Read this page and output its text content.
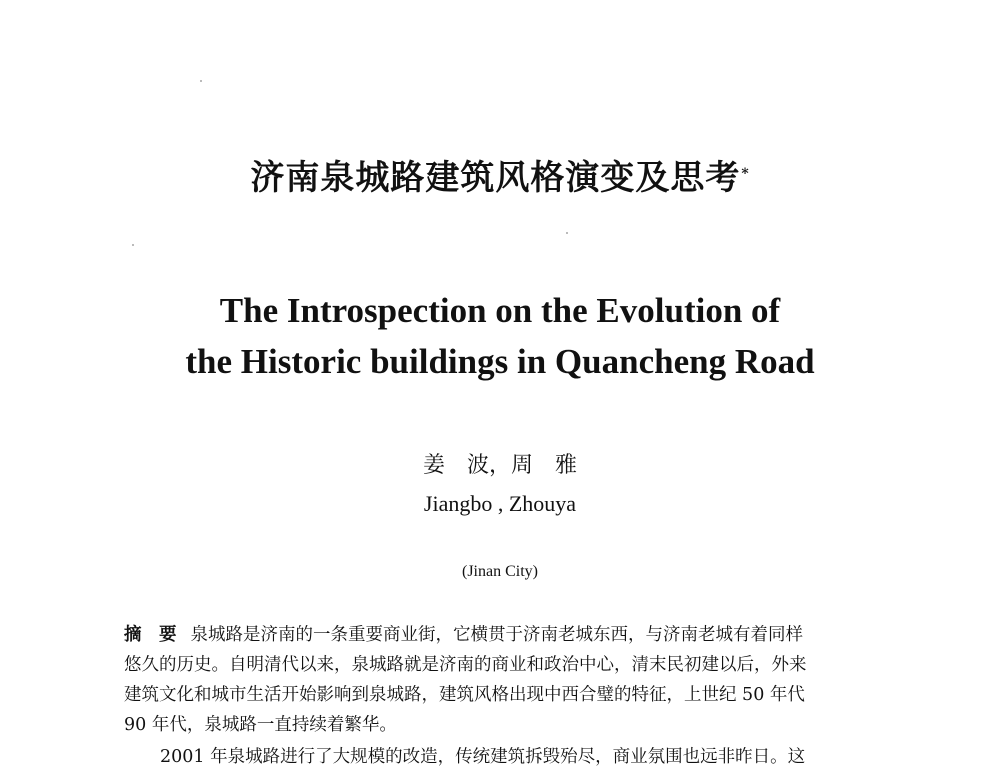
济南泉城路建筑风格演变及思考*
The Introspection on the Evolution of
the Historic buildings in Quancheng Road
姜　波，周　雅
Jiangbo , Zhouya
(Jinan City)
摘　要 泉城路是济南的一条重要商业街，它横贯于济南老城东西，与济南老城有着同样
悠久的历史。自明清代以来，泉城路就是济南的商业和政治中心，清末民初建以后，外来
建筑文化和城市生活开始影响到泉城路，建筑风格出现中西合璧的特征，上世纪 50 年代
90 年代，泉城路一直持续着繁华。
2001 年泉城路进行了大规模的改造，传统建筑拆毁殆尽，商业氛围也远非昨日。这
